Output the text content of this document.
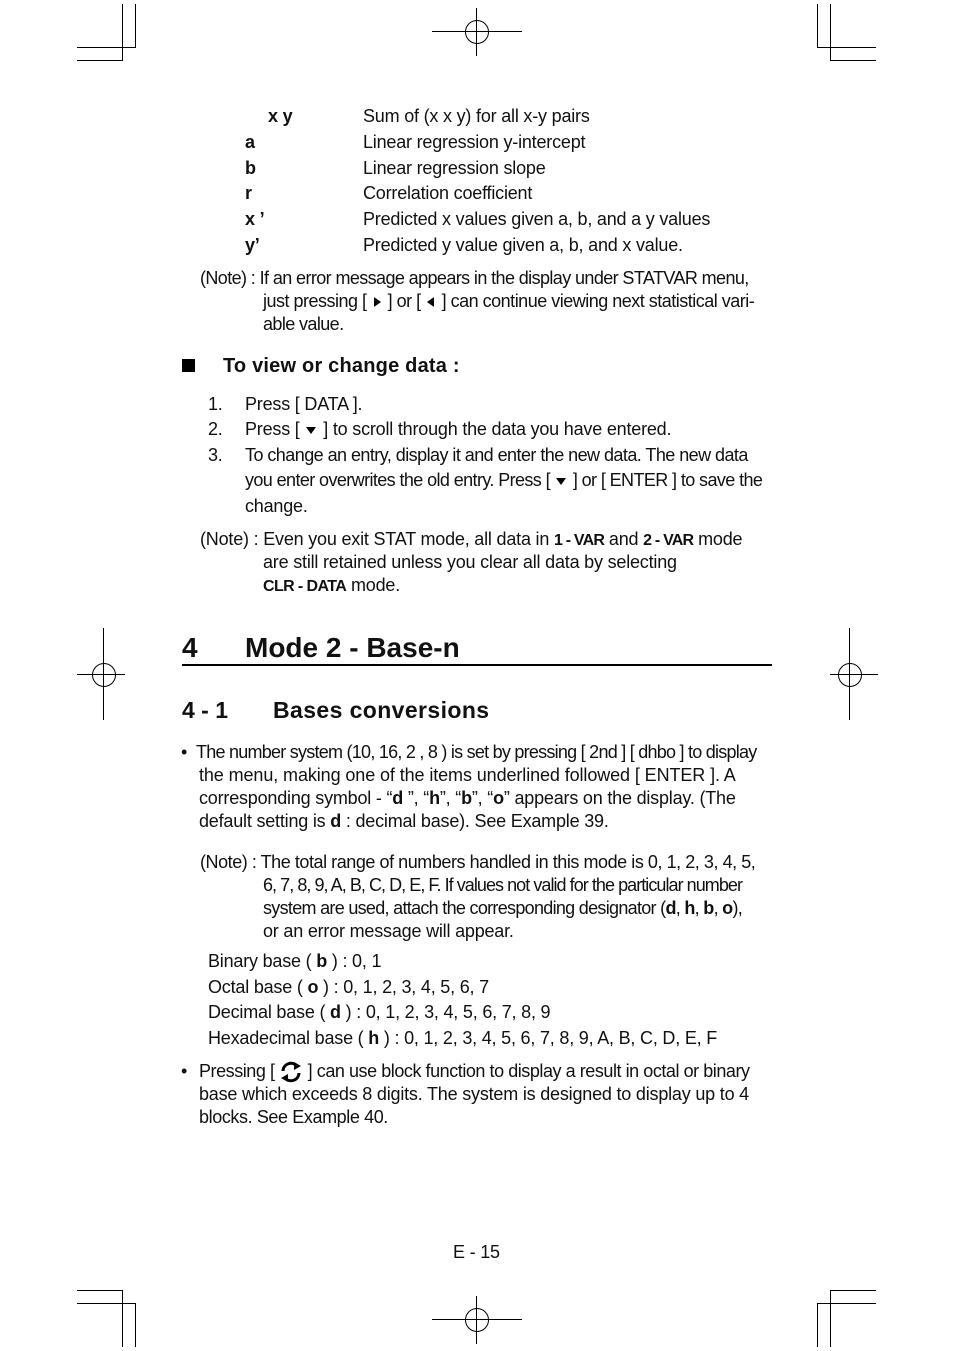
x y	Sum of (x x y) for all x-y pairs
a	Linear regression y-intercept
b	Linear regression slope
r	Correlation coefficient
x ’	Predicted x values given a, b, and a y values
y’	Predicted y value given a, b, and x value.
(Note) : If an error message appears in the display under STATVAR menu,
just pressing [ ] or [ ] can continue viewing next statistical vari-
able value.
To view or change data :
1. Press [ DATA ].
2. Press [ ] to scroll through the data you have entered.
3. To change an entry, display it and enter the new data. The new data
you enter overwrites the old entry. Press [ ] or [ ENTER ] to save the
change.
(Note) : Even you exit STAT mode, all data in 1 - VAR and 2 - VAR mode
are still retained unless you clear all data by selecting
CLR - DATA mode.
4 Mode 2 - Base-n
4 - 1 Bases conversions
• The number system (10, 16, 2 , 8 ) is set by pressing [ 2nd ] [ dhbo ] to display
the menu, making one of the items underlined followed [ ENTER ]. A
corresponding symbol - “d ”, “h”, “b”, “o” appears on the display. (The
default setting is d : decimal base). See Example 39.
(Note) : The total range of numbers handled in this mode is 0, 1, 2, 3, 4, 5,
6, 7, 8, 9, A, B, C, D, E, F. If values not valid for the particular number
system are used, attach the corresponding designator (d, h, b, o),
or an error message will appear.
Binary base ( b ) : 0, 1
Octal base ( o ) : 0, 1, 2, 3, 4, 5, 6, 7
Decimal base ( d ) : 0, 1, 2, 3, 4, 5, 6, 7, 8, 9
Hexadecimal base ( h ) : 0, 1, 2, 3, 4, 5, 6, 7, 8, 9, A, B, C, D, E, F
• Pressing [ ] can use block function to display a result in octal or binary
base which exceeds 8 digits. The system is designed to display up to 4
blocks. See Example 40.
E - 15
